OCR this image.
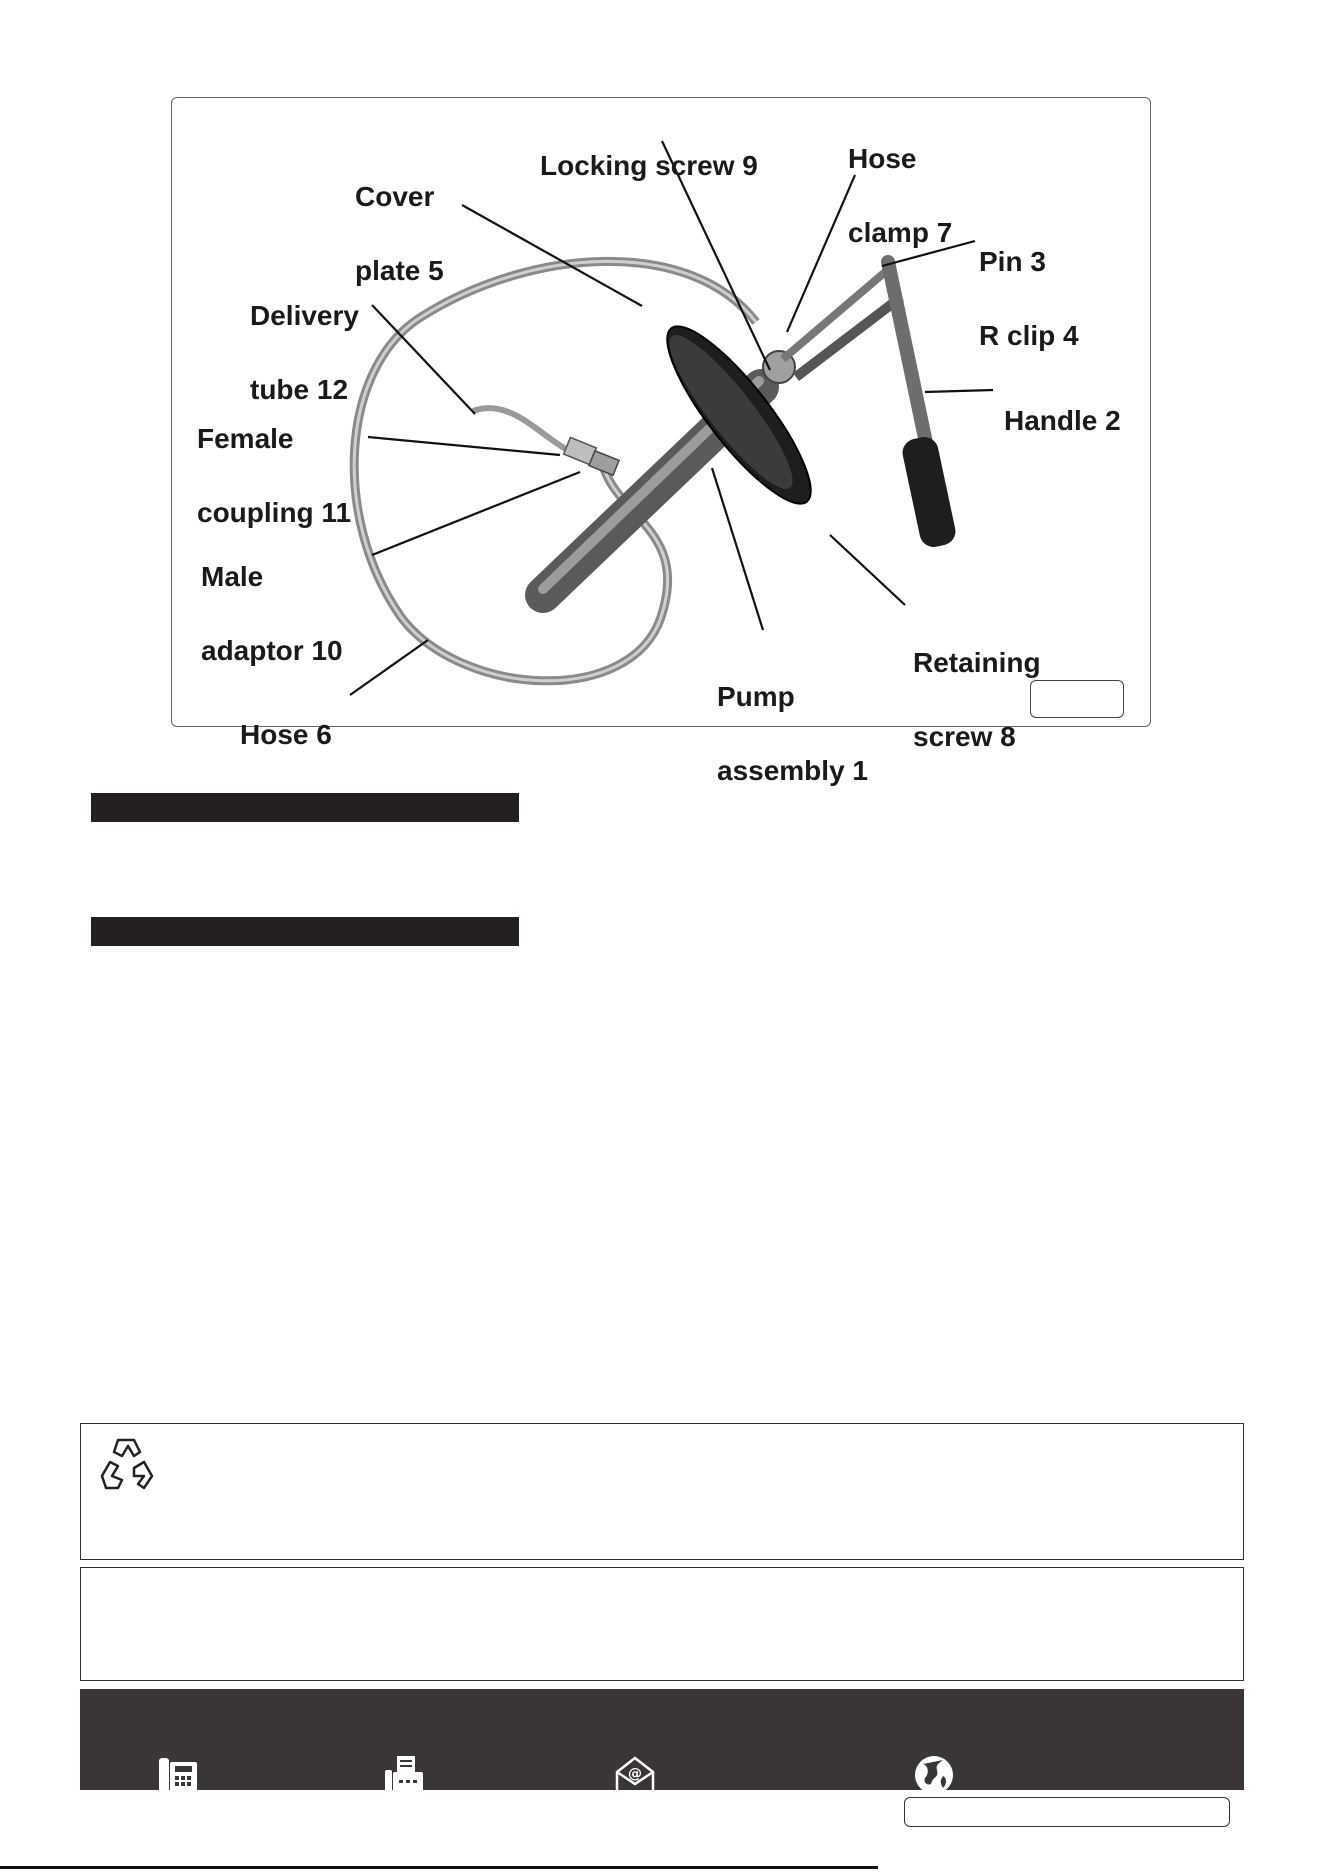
Locking screw 9	Hose

clamp 7

Cover

plate 5	Pin 3

R clip 4

Delivery

tube 12

Female

coupling 11

Handle 2

Male

adaptor 10	Retaining

screw 8

Pump

assembly 1

Hose 6

@
